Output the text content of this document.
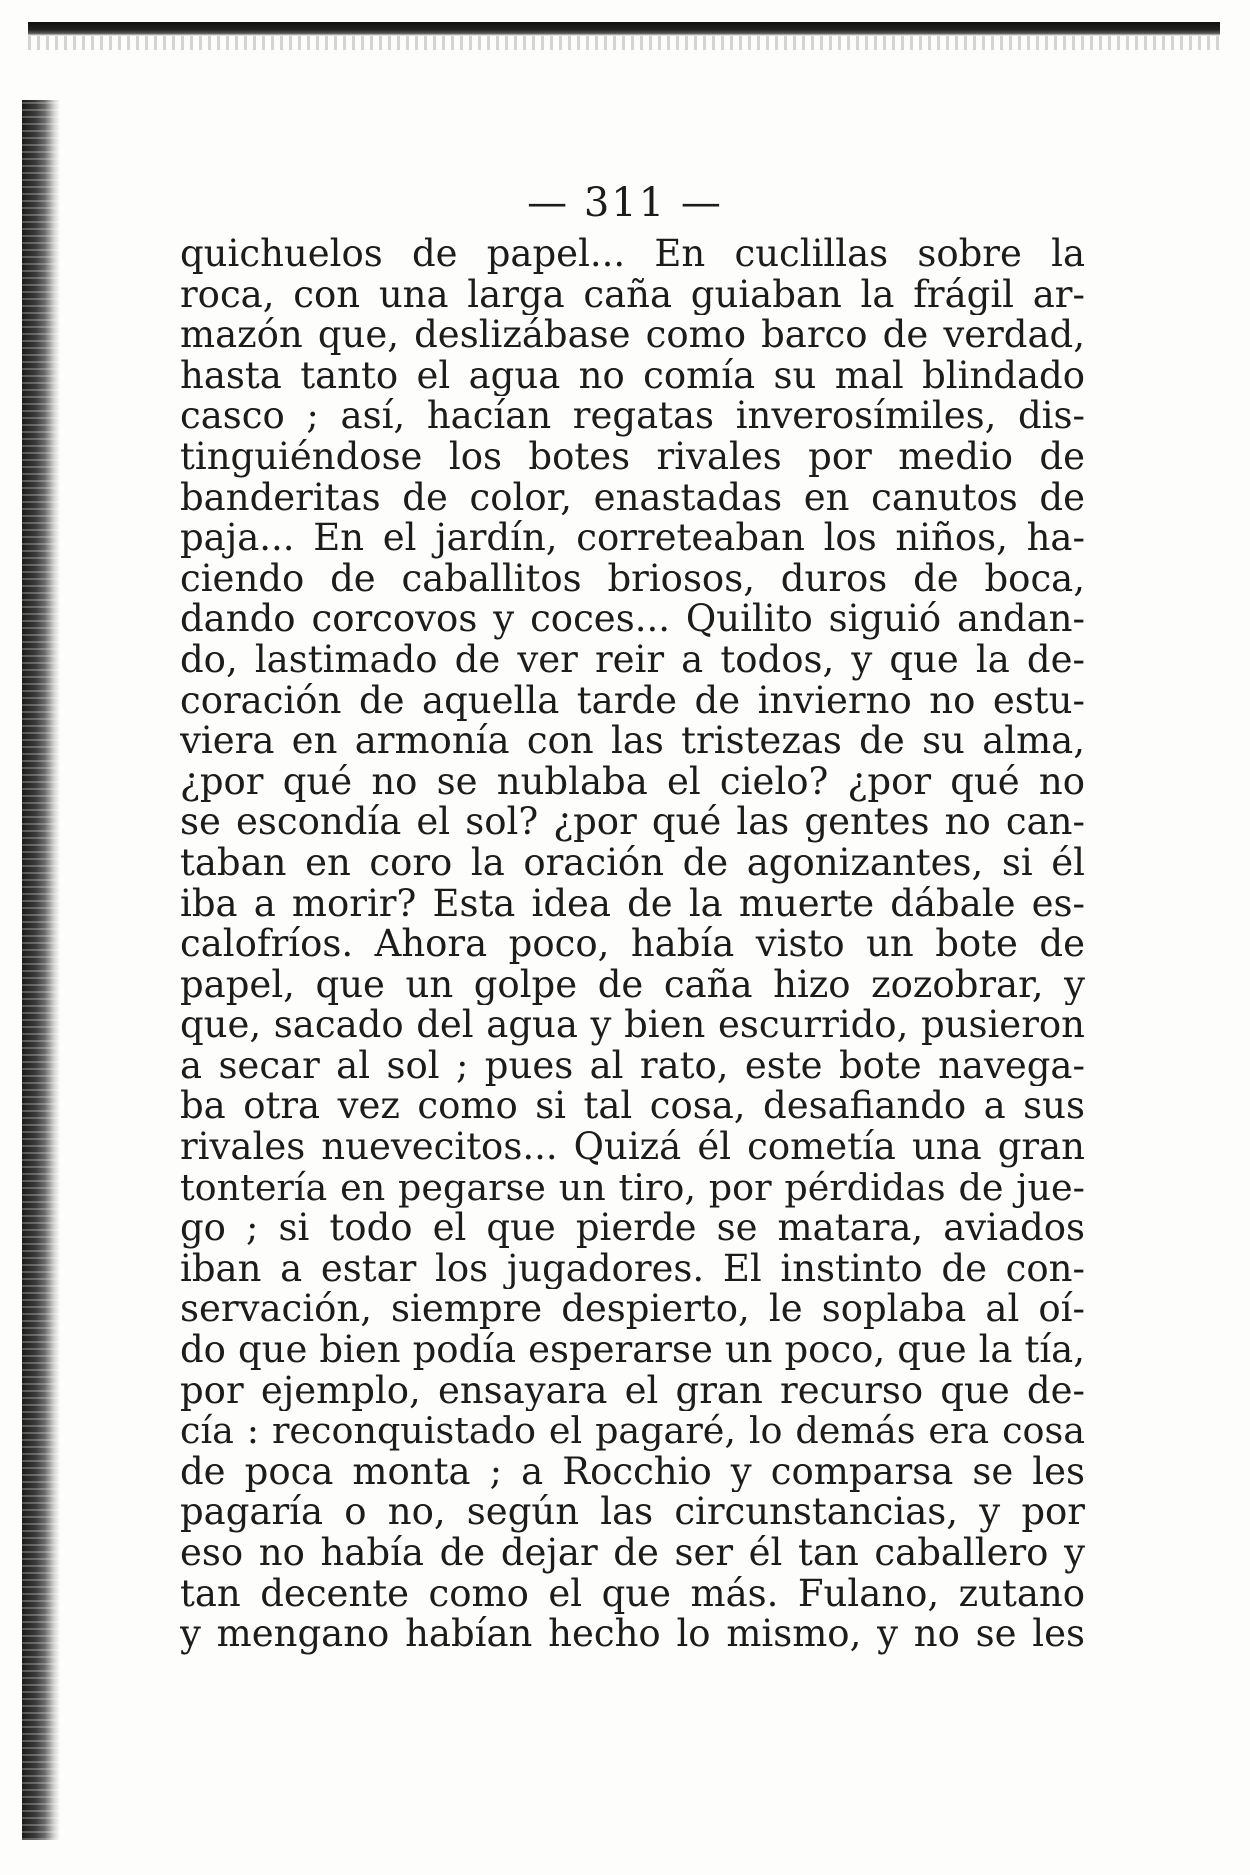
— 311 —
quichuelos de papel... En cuclillas sobre la
roca, con una larga caña guiaban la frágil ar-
mazón que, deslizábase como barco de verdad,
hasta tanto el agua no comía su mal blindado
casco ; así, hacían regatas inverosímiles, dis-
tinguiéndose los botes rivales por medio de
banderitas de color, enastadas en canutos de
paja... En el jardín, correteaban los niños, ha-
ciendo de caballitos briosos, duros de boca,
dando corcovos y coces... Quilito siguió andan-
do, lastimado de ver reir a todos, y que la de-
coración de aquella tarde de invierno no estu-
viera en armonía con las tristezas de su alma,
¿por qué no se nublaba el cielo? ¿por qué no
se escondía el sol? ¿por qué las gentes no can-
taban en coro la oración de agonizantes, si él
iba a morir? Esta idea de la muerte dábale es-
calofríos. Ahora poco, había visto un bote de
papel, que un golpe de caña hizo zozobrar, y
que, sacado del agua y bien escurrido, pusieron
a secar al sol ; pues al rato, este bote navega-
ba otra vez como si tal cosa, desafiando a sus
rivales nuevecitos... Quizá él cometía una gran
tontería en pegarse un tiro, por pérdidas de jue-
go ; si todo el que pierde se matara, aviados
iban a estar los jugadores. El instinto de con-
servación, siempre despierto, le soplaba al oí-
do que bien podía esperarse un poco, que la tía,
por ejemplo, ensayara el gran recurso que de-
cía : reconquistado el pagaré, lo demás era cosa
de poca monta ; a Rocchio y comparsa se les
pagaría o no, según las circunstancias, y por
eso no había de dejar de ser él tan caballero y
tan decente como el que más. Fulano, zutano
y mengano habían hecho lo mismo, y no se les
